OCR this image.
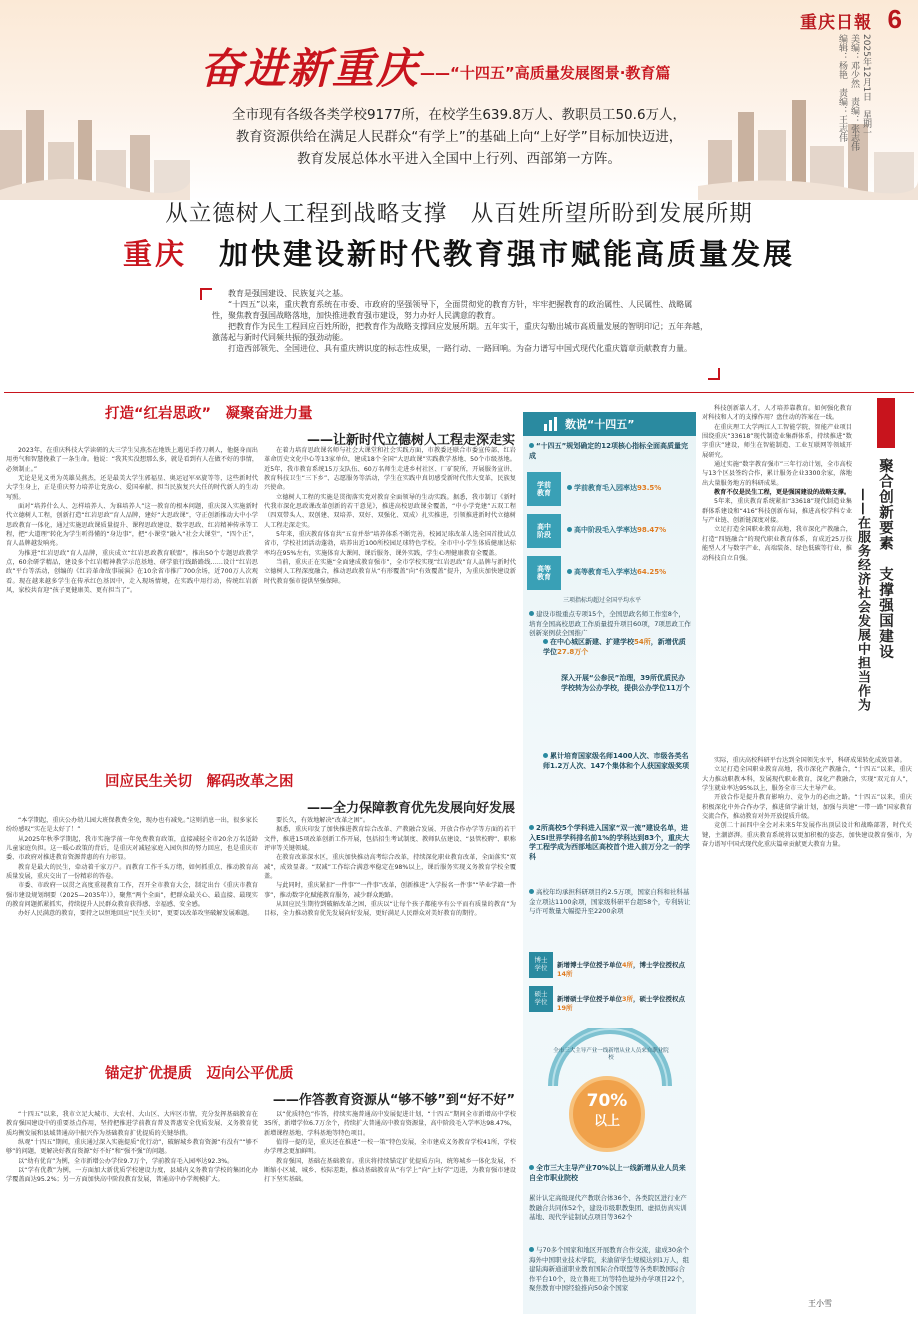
重庆日報 6
奋进新重庆 ——“十四五”高质量发展图景·教育篇	2025年12月1日　星期一
美编：邓少然　责编：张志伟
编辑：杨艳　责编：王志伟

全市现有各级各类学校9177所，在校学生639.8万人、教职员工50.6万人，

教育资源供给在满足人民群众“有学上”的基础上向“上好学”目标加快迈进，

教育发展总体水平进入全国中上行列、西部第一方阵。

从立德树人工程到战略支撑　从百姓所望所盼到发展所期
重庆　加快建设新时代教育强市赋能高质量发展

教育是强国建设、民族复兴之基。

“十四五”以来，重庆教育系统在市委、市政府的坚强领导下，全面贯彻党的教育方针，牢牢把握教育的政治属性、人民属性、战略属性，聚焦教育强国战略落地，加快推进教育强市建设，努力办好人民满意的教育。

把教育作为民生工程回应百姓所盼，把教育作为战略支撑回应发展所期。五年实干，重庆勾勒出城市高质量发展的智明印记；五年奔越，激荡起与新时代同频共振的强劲动能。

打造西部领先、全国进位、具有重庆辨识度的标志性成果，一路行动、一路回响。为奋力谱写中国式现代化重庆篇章贡献教育力量。

打造“红岩思政”　凝聚奋进力量
——让新时代立德树人工程走深走实

2023年，在重庆科技大学读研的大三学生吴燕杰在地铁上遇见手持刀刺人，他挺身而出用勇气和智慧挽救了一条生命。他说：“我其实没想那么多，就是看到有人在做不好的事情，必须制止。”

无论是见义勇为英雄吴燕杰，还是最美大学生郭福星、奥运冠军巫旋等等，这些新时代大学生身上，正是重庆努力培养让党放心、爱国奉献、担当民族复兴大任的时代新人的生动写照。

面对“培养什么人、怎样培养人、为谁培养人”这一教育的根本问题，重庆深入实施新时代立德树人工程，创新打造“红岩思政”育人品牌，建好“大思政课”，守正创新推动大中小学思政教育一体化，通过实施思政课质量提升、课程思政建设、数字思政、红岩精神传承等工程，把“大道理”转化为学生听得懂的“身边事”，把“小课堂”融入“社会大课堂”，“四个正”，育人品牌越发响亮。

为推进“红岩思政”育人品牌，重庆成立“红岩思政教育联盟”，推出50个专题思政教学点，60余研学精品，建设多个红岩精神教学示范基地、研学旅行线路路线……设计“红岩思政”平台等活动，创编的《红岩革命故事展演》在10余省市推广700余场，近700万人次观看。现在越来越多学生在传承红色基因中，走入现场情境，在实践中用行动，传统红岩新风，家校共育迎“孩子更健康美、更有担当了”。

在着力培育思政课名师与社会大课堂和社会实践方面，市教委还联合市委宣传部、红岩革命历史文化中心等13家单位，建成18个全国“大思政课”实践教学基地、50个市级基地。近5年，我市教育系统15万支队伍、60万名师生走进乡村社区、厂矿院所，开展服务宣讲、教育科技卫生“三下乡”、志愿服务等活动，学生在实践中真切感受新时代伟大变革，民族复兴使命。

立德树人工程的实施是贯彻落实党对教育全面领导的生动实践。据悉，我市制订《新时代我市深化思政课改革创新的若干意见》，推进高校思政课全覆盖，“中小学党建”五双工程（四双带头人、双创建、双培养、双好、双强化、双成）扎实推进，引领推进新时代立德树人工程走深走实。

5年来，重庆教育体育共“五育并举”培养体系不断完善，校园足球改革人选全国首批试点省市，学校社团活动蓬勃，培养出近100所校园足球特色学校。全市中小学生体质健康达标率均在95%左右，实施体育大课间、课后服务、课外实践，学生心理健康教育全覆盖。

当前，重庆正在实施“全面建成教育强市”，全市学校实现“红岩思政”育人品牌与新时代立德树人工程深度融合，推动思政教育从“有形覆盖”向“有效覆盖”提升，为重庆加快建设新时代教育强市提供坚强保障。

回应民生关切　解码改革之困
——全力保障教育优先发展向好发展

“本学期起，重庆公办幼儿园大班保教费全免，现办也有减免。”这则消息一出，很多家长纷纷感叹“实在是太好了！”

从2025年秋季学期起，我市实施学前一年免费教育政策，直接减轻全市20余万名适龄儿童家庭负担。这一暖心政策的背后，是重庆对减轻家庭入园负担的努力回应，也是重庆市委、市政府对推进教育资源普惠的有力彰显。

教育是最大的民生，牵动着千家万户。而教育工作千头万绪，如何抓重点、推动教育高质量发展，重庆交出了一份精彩的答卷。

市委、市政府一以贯之高度重视教育工作，召开全市教育大会，制定出台《重庆市教育强市建设规划纲要（2025—2035年）》，聚焦“两个全面”，把群众最关心、最直接、最现实的教育问题抓紧抓实，持续提升人民群众教育获得感、幸福感、安全感。

办好人民满意的教育，要持之以恒地回应“民生关切”，更要以改革攻坚破解发展难题。

要长久，有效地解决“改革之困”。

据悉，重庆印发了加快推进教育综合改革、产教融合发展、开放合作办学等方面的若干文件，推进15项改革创新工作开展，包括招生考试制度、教师队伍建设、“县管校聘”、职称评审等关键领域。

在教育改革深水区，重庆加快推动高考综合改革，持续深化职业教育改革，全面落实“双减”，成效显著。“双减”工作综合满意率稳定在98%以上，课后服务实现义务教育学校全覆盖。

与此同时，重庆紧扣“一件事”“一件事”改革，创新推进“入学报名一件事”“毕业学籍一件事”，推动数字化赋能教育服务，减少群众跑路。

从回应民生期待到破解改革之困，重庆以“让每个孩子都能享有公平而有质量的教育”为目标，全力推动教育优先发展向好发展，更好满足人民群众对美好教育的期待。

锚定扩优提质　迈向公平优质
——作答教育资源从“够不够”到“好不好”

“十四五”以来，我市立足大城市、大农村、大山区、大库区市情，充分发挥基础教育在教育强国建设中的重要基点作用，坚持把推进学前教育普及普惠安全优质发展、义务教育优质均衡发展和县域普通高中振兴作为基础教育扩优提质的关键举措。

纵观“十四五”期间，重庆通过深入实施提质“优行动”，破解城乡教育资源“有没有”“够不够”的问题，更解决好教育资源“好不好”和“强不强”的问题。

以“幼有优育”为例，全市新增公办学位9.7万个，学前教育毛入园率达92.3%。

以“学有优教”为例，一方面加大新优质学校建设力度，县域内义务教育学校的集团化办学覆盖面达95.2%；另一方面加快高中阶段教育发展，普通高中办学规模扩大。

以“优质特色”作答，持续实施普通高中发展促进计划，“十四五”期间全市新增高中学校35所，新增学位6.7万余个，持续扩大普通高中教育资源量，高中阶段毛入学率达98.47%，新增课程基地、学科基地等特色项目。

值得一提的是，重庆还在推进“一校一策”特色发展，全市建成义务教育学校41所，学校办学理念更加鲜明。

教育强国，基础在基础教育。重庆将持续锚定扩优提质方向，统筹城乡一体化发展，不断缩小区域、城乡、校际差距，推动基础教育从“有学上”向“上好学”迈进，为教育强市建设打下坚实基础。

数说“十四五”
“十四五”规划确定的12项核心指标全面高质量完成
学前
教育
学前教育毛入园率达93.5%
高中
阶段
高中阶段毛入学率达98.47%
高等
教育
高等教育毛入学率达64.25%
三项指标均超过全国平均水平
建设市级重点专项15个，全国思政名师工作室8个，培育全国高校思政工作质量提升项目60项，7项思政工作创新案例获全国推广
在中心城区新建、扩建学校54所，新增优质学位27.8万个
深入开展“公参民”治理，39所优质民办学校转为公办学校，提供公办学位11万个
累计培育国家级名师1400人次、市级各类名师1.2万人次、147个集体和个人获国家级奖项
2所高校5个学科进入国家“双一流”建设名单，进入ESI世界学科排名前1%的学科达到83个，重庆大学工程学成为西部地区高校首个进入前万分之一的学科
高校年均承担科研项目约2.5万项，国家自科和社科基金立项达1100余项，国家级科研平台超58个，专利转让与许可数量大幅提升至2200余项
博士
学位	新增博士学位授予单位4所，博士学位授权点14所
硕士
学位	新增硕士学位授予单位3所，硕士学位授权点19所
全市三大主导产业一线新增从业人员来自职业院校
70%
以上
全市三大主导产业70%以上一线新增从业人员来自全市职业院校
累计认定高级现代产教联合体36个、各类院区进行业产教融合共同体52个，建设市级职教集团、虚拟仿真实训基地、现代学徒制试点项目等362个
与70多个国家和地区开展教育合作交流，建成30余个海外中国职业技术学院，来渝留学生规模达到1万人，组建陆海新通道职业教育国际合作联盟等各类职教国际合作平台10个，设立鲁班工坊等特色境外办学项目22个，聚焦教育中国经验推向50余个国家

科技创新靠人才，人才培养靠教育。如何强化教育对科技和人才的支撑作用？盘住动的答案在一线。

在重庆理工大学两江人工智能学院，智能产业项目围绕重庆“33618”现代制造业集群体系，持续推进“数字重庆”建设，师生在智能制造、工业互联网等领域开展研究。

通过实施“数字教育强市”三年行动计划，全市高校与13个区县签约合作，累计服务企业3300余家，落地出大量服务地方的科研成果。

教育不仅是民生工程，更是强国建设的战略支撑。

5年来，重庆教育系统紧扣“33618”现代制造业集群体系建设和“416”科技创新布局，推进高校学科专业与产业链、创新链深度对接。

立足打造全国职业教育高地，我市深化产教融合，打造“四链融合”的现代职业教育体系，育成近25万技能型人才与数字产业、高端装备、绿色低碳等行业，推动科技自立自强。	聚合创新要素　支撑强国建设
——在服务经济社会发展中担当作为

实际，重庆高校科研平台达到全国领先水平，科研成果转化成效显著。

立足打造全国职业教育高地，我市深化产教融合，“十四五”以来，重庆大力推动职教本科，发展现代职业教育，深化产教融合，实现“双元育人”，学生就业率达95%以上，服务全市三大主导产业。

开放合作是提升教育影响力、竞争力的必由之路。“十四五”以来，重庆积极深化中外合作办学，推进留学渝计划，加强与共建“一带一路”国家教育交流合作，推动教育对外开放提质升级。

竞创二十届四中全会对未来5年发展作出顶层设计和战略部署，时代关键，主潮澎湃。重庆教育系统将以更加积极的姿态，加快建设教育强市，为奋力谱写中国式现代化重庆篇章贡献更大教育力量。

王小雪
